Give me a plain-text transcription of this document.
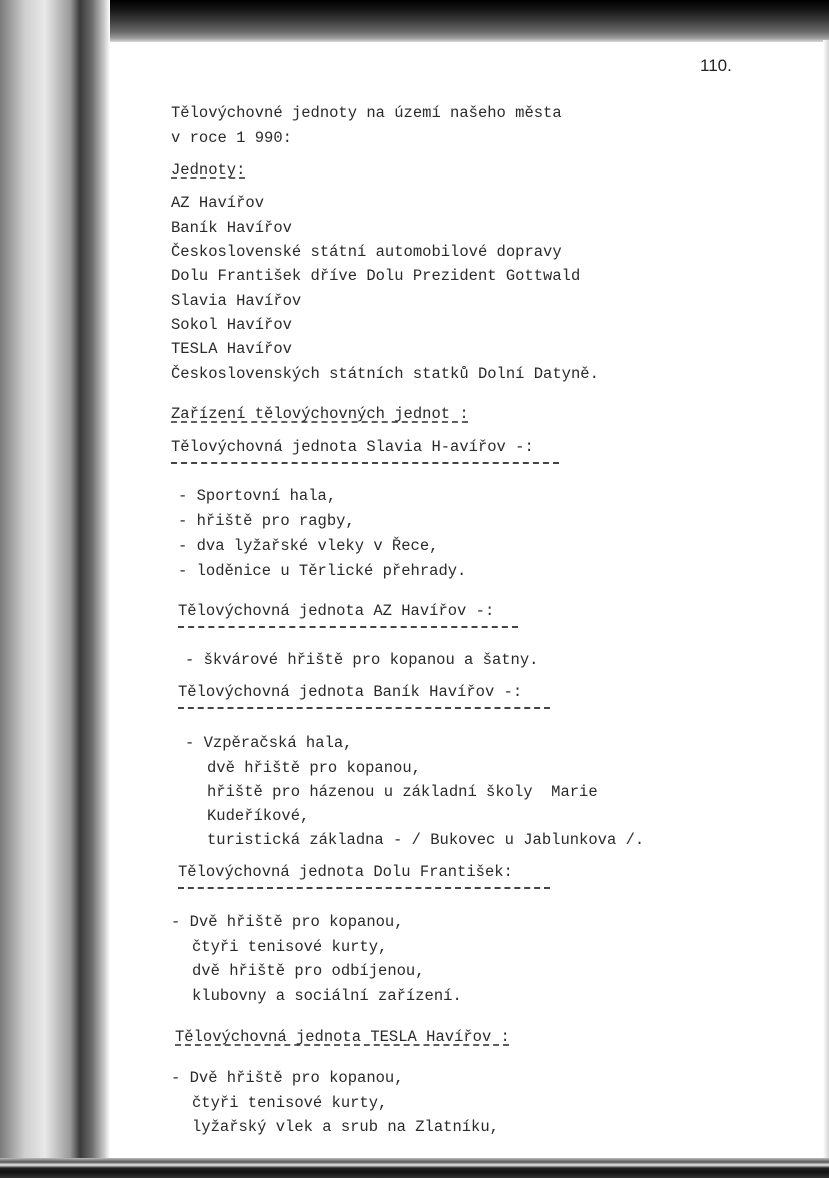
110.
Tělovýchovné jednoty na území našeho města
v roce 1 990:
Jednoty:
AZ Havířov
Baník Havířov
Československé státní automobilové dopravy
Dolu František dříve Dolu Prezident Gottwald
Slavia Havířov
Sokol Havířov
TESLA Havířov
Československých státních statků Dolní Datyně.
Zařízení tělovýchovných jednot :
Tělovýchovná jednota Slavia H-avířov -:
- Sportovní hala,
- hřiště pro ragby,
- dva lyžařské vleky v Řece,
- loděnice u Těrlické přehrady.
Tělovýchovná jednota AZ Havířov -:
- škvárové hřiště pro kopanou a šatny.
Tělovýchovná jednota Baník Havířov -:
- Vzpěračská hala,
dvě hřiště pro kopanou,
hřiště pro házenou u základní školy  Marie
Kudeříkové,
turistická základna - / Bukovec u Jablunkova /.
Tělovýchovná jednota Dolu František:
- Dvě hřiště pro kopanou,
čtyři tenisové kurty,
dvě hřiště pro odbíjenou,
klubovny a sociální zařízení.
Tělovýchovná jednota TESLA Havířov :
- Dvě hřiště pro kopanou,
čtyři tenisové kurty,
lyžařský vlek a srub na Zlatníku,
